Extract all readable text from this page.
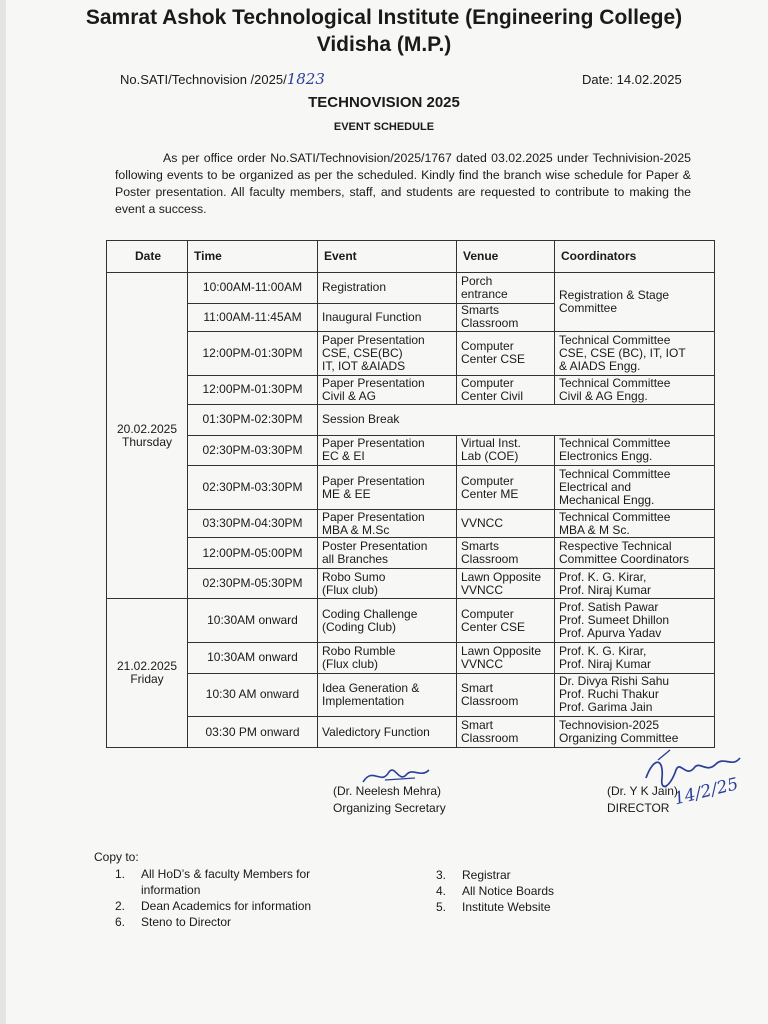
Samrat Ashok Technological Institute (Engineering College)
Vidisha (M.P.)
No.SATI/Technovision /2025/1823	Date: 14.02.2025
TECHNOVISION 2025
EVENT SCHEDULE
As per office order No.SATI/Technovision/2025/1767 dated 03.02.2025 under Technivision-2025 following events to be organized as per the scheduled. Kindly find the branch wise schedule for Paper & Poster presentation. All faculty members, staff, and students are requested to contribute to making the event a success.
Date	Time	Event	Venue	Coordinators
20.02.2025
Thursday	10:00AM-11:00AM	Registration	Porch
entrance	Registration & Stage
Committee
	11:00AM-11:45AM	Inaugural Function	Smarts
Classroom	
	12:00PM-01:30PM	Paper Presentation
CSE, CSE(BC)
IT, IOT &AIADS	Computer
Center CSE	Technical Committee
CSE, CSE (BC), IT, IOT
& AIADS Engg.
	12:00PM-01:30PM	Paper Presentation
Civil & AG	Computer
Center Civil	Technical Committee
Civil & AG Engg.
	01:30PM-02:30PM	Session Break		
	02:30PM-03:30PM	Paper Presentation
EC & EI	Virtual Inst.
Lab (COE)	Technical Committee
Electronics Engg.
	02:30PM-03:30PM	Paper Presentation
ME & EE	Computer
Center ME	Technical Committee
Electrical and
Mechanical Engg.
	03:30PM-04:30PM	Paper Presentation
MBA & M.Sc	VVNCC	Technical Committee
MBA & M Sc.
	12:00PM-05:00PM	Poster Presentation
all Branches	Smarts
Classroom	Respective Technical
Committee Coordinators
	02:30PM-05:30PM	Robo Sumo
(Flux club)	Lawn Opposite
VVNCC	Prof. K. G. Kirar,
Prof. Niraj Kumar
21.02.2025
Friday	10:30AM onward	Coding Challenge
(Coding Club)	Computer
Center CSE	Prof. Satish Pawar
Prof. Sumeet Dhillon
Prof. Apurva Yadav
	10:30AM onward	Robo Rumble
(Flux club)	Lawn Opposite
VVNCC	Prof. K. G. Kirar,
Prof. Niraj Kumar
	10:30 AM onward	Idea Generation &
Implementation	Smart
Classroom	Dr. Divya Rishi Sahu
Prof. Ruchi Thakur
Prof. Garima Jain
	03:30 PM onward	Valedictory Function	Smart
Classroom	Technovision-2025
Organizing Committee
14/2/25
(Dr. Neelesh Mehra)
Organizing Secretary
(Dr. Y K Jain)
DIRECTOR
Copy to:
1.	All HoD’s & faculty Members for information
2.	Dean Academics for information
6.	Steno to Director
3.	Registrar
4.	All Notice Boards
5.	Institute Website
